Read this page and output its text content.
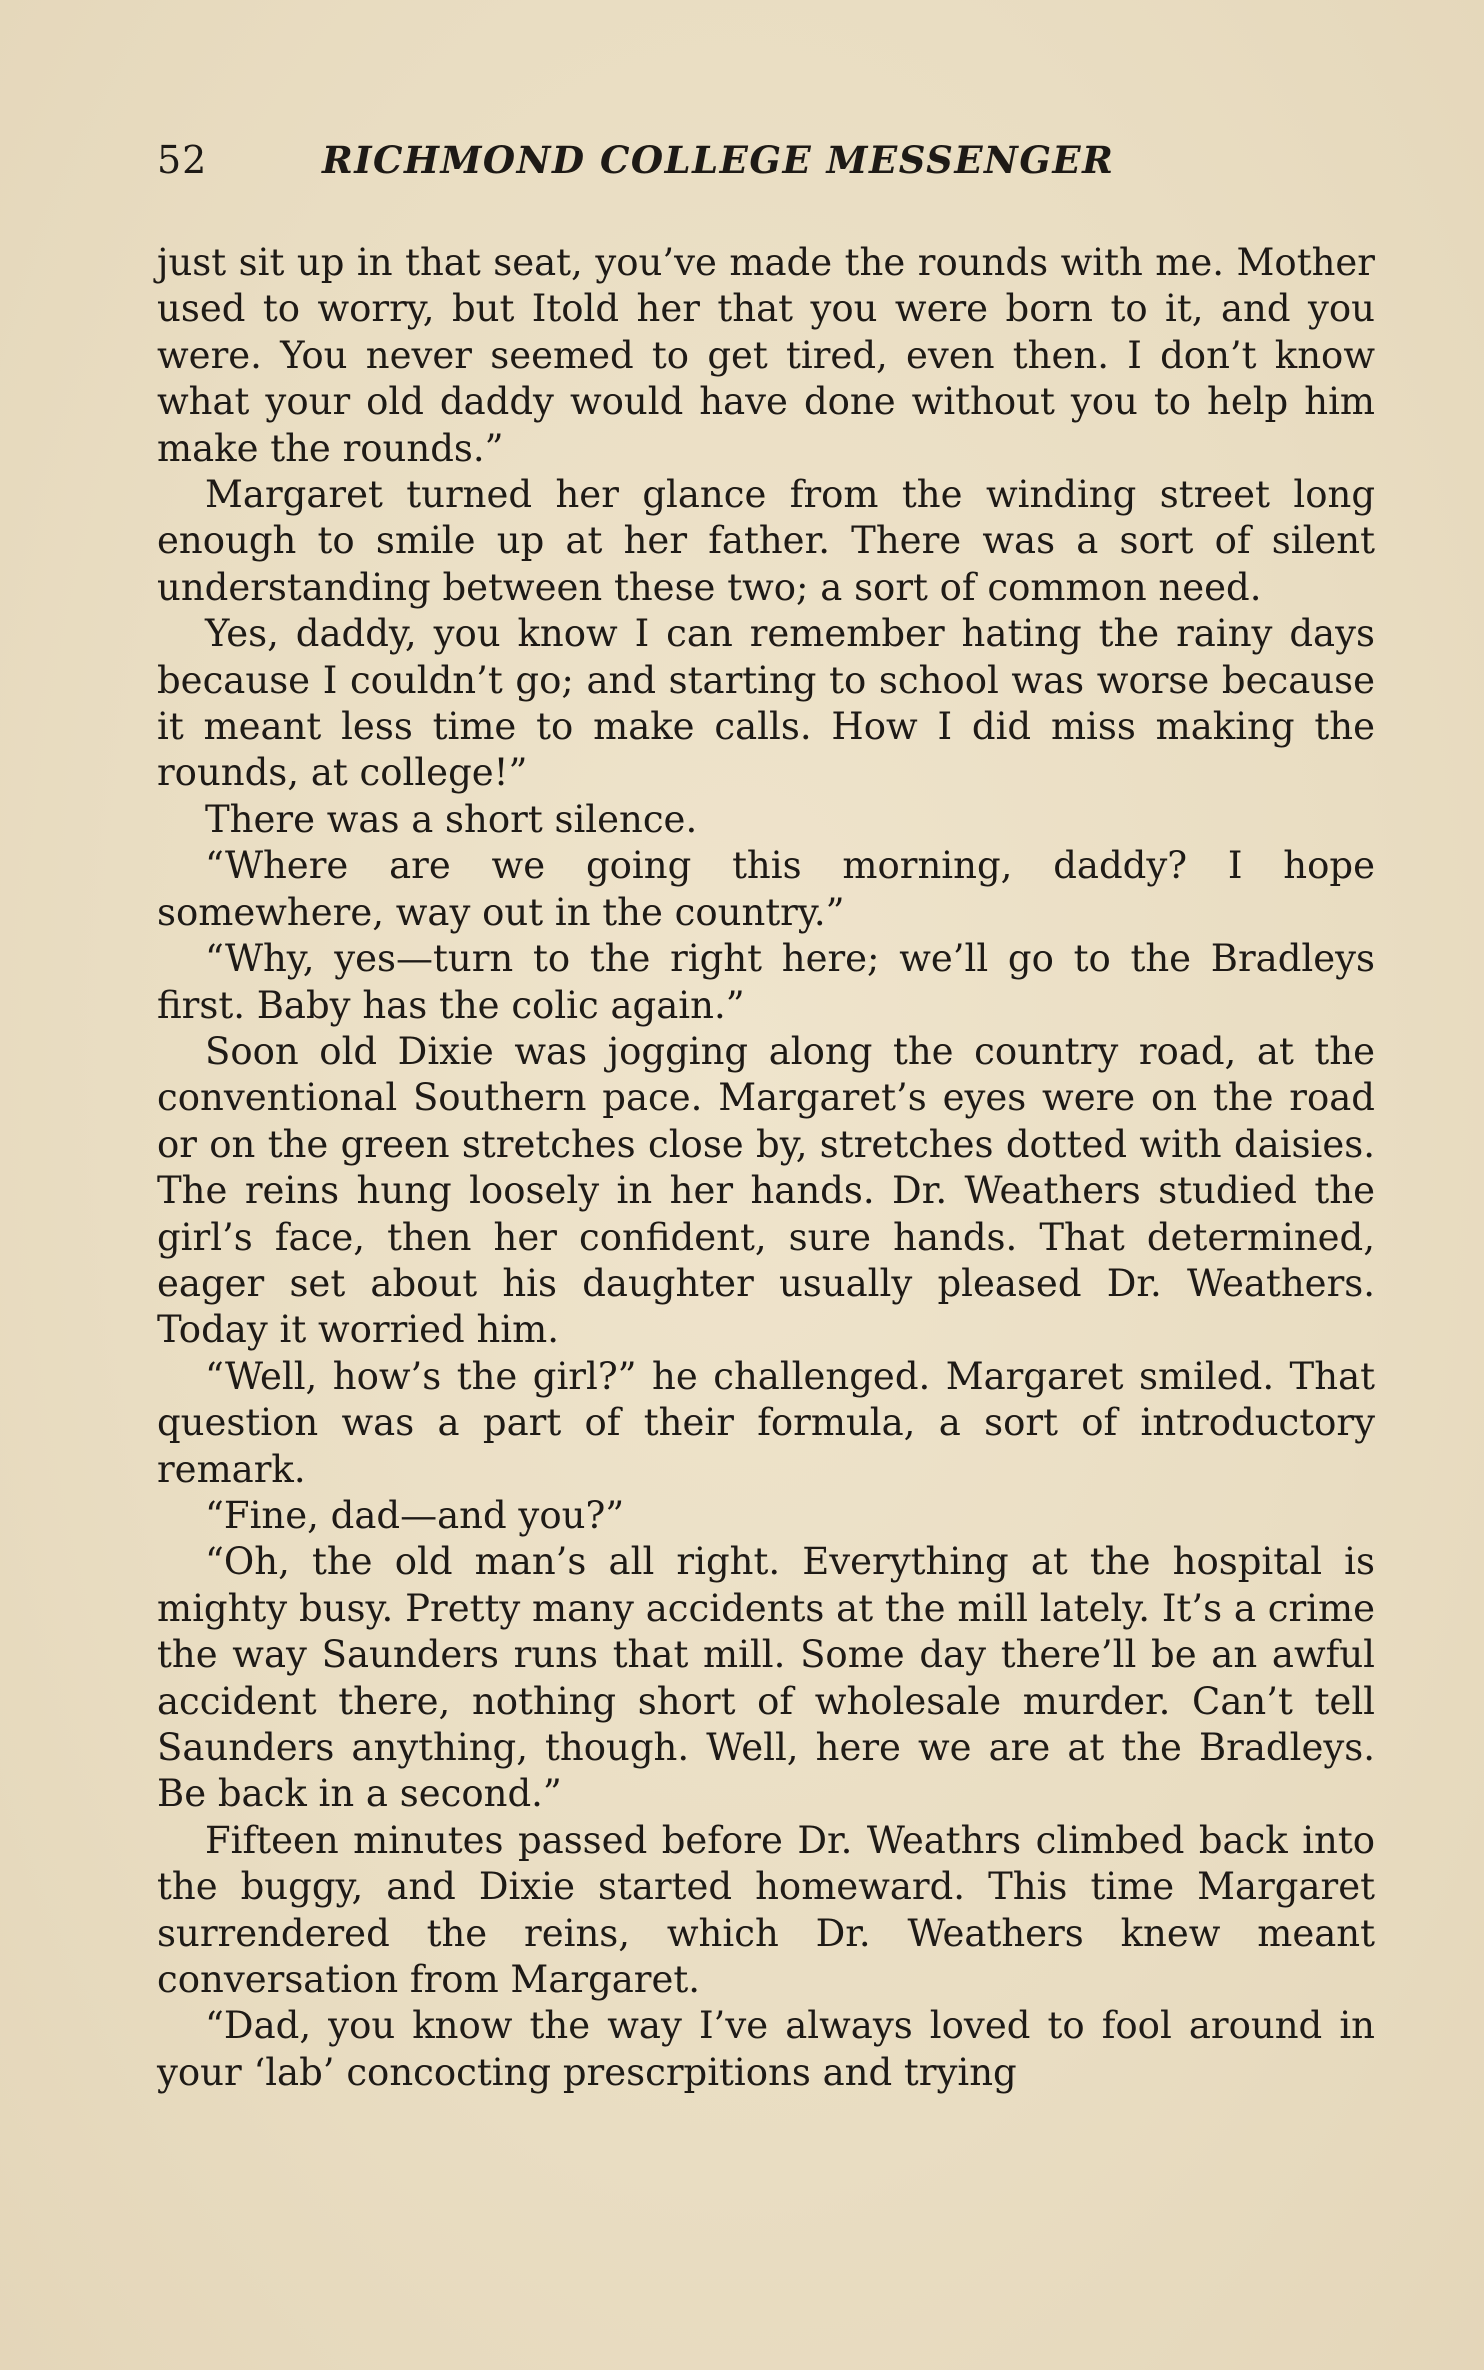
52	RICHMOND COLLEGE MESSENGER

just sit up in that seat, you’ve made the rounds with me. Mother used to worry, but Itold her that you were born to it, and you were. You never seemed to get tired, even then. I don’t know what your old daddy would have done without you to help him make the rounds.”

Margaret turned her glance from the winding street long enough to smile up at her father. There was a sort of silent understanding between these two; a sort of common need.

Yes, daddy, you know I can remember hating the rainy days because I couldn’t go; and starting to school was worse because it meant less time to make calls. How I did miss making the rounds, at college!”

There was a short silence.

“Where are we going this morning, daddy? I hope somewhere, way out in the country.”

“Why, yes—turn to the right here; we’ll go to the Bradleys first. Baby has the colic again.”

Soon old Dixie was jogging along the country road, at the conventional Southern pace. Margaret’s eyes were on the road or on the green stretches close by, stretches dotted with daisies. The reins hung loosely in her hands. Dr. Weathers studied the girl’s face, then her confident, sure hands. That determined, eager set about his daughter usually pleased Dr. Weathers. Today it worried him.

“Well, how’s the girl?” he challenged. Margaret smiled. That question was a part of their formula, a sort of introductory remark.

“Fine, dad—and you?”

“Oh, the old man’s all right. Everything at the hospital is mighty busy. Pretty many accidents at the mill lately. It’s a crime the way Saunders runs that mill. Some day there’ll be an awful accident there, nothing short of wholesale murder. Can’t tell Saunders anything, though. Well, here we are at the Bradleys. Be back in a second.”

Fifteen minutes passed before Dr. Weathrs climbed back into the buggy, and Dixie started homeward. This time Margaret surrendered the reins, which Dr. Weathers knew meant conversation from Margaret.

“Dad, you know the way I’ve always loved to fool around in your ‘lab’ concocting prescrpitions and trying
